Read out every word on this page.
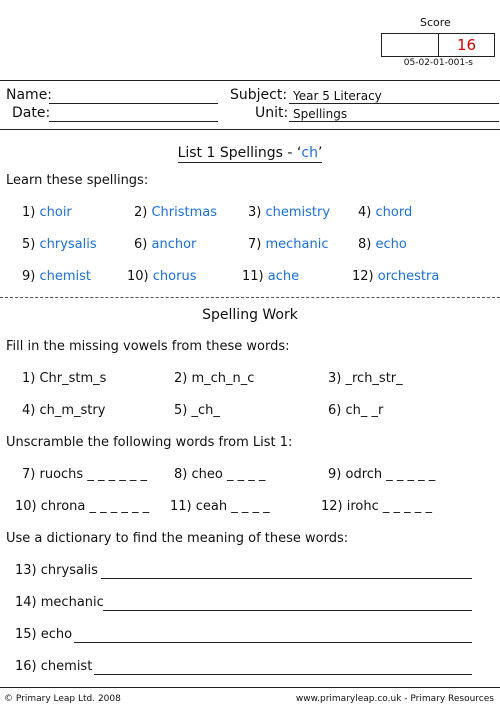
Score
16
05-02-01-001-s
Name:	Subject: Year 5 Literacy
Date:	Unit: Spellings
List 1 Spellings - ‘ch’
Learn these spellings:
1) choir	2) Christmas 3) chemistry 4) chord
5) chrysalis	6) anchor	7) mechanic 8) echo
9) chemist	10) chorus	11) ache	12) orchestra
Spelling Work
Fill in the missing vowels from these words:
1) Chr_stm_s	2) m_ch_n_c	3) _rch_str_
4) ch_m_stry	5) _ch_	6) ch_ _r
Unscramble the following words from List 1:
7) ruochs _ _ _ _ _ _ 8) cheo _ _ _ _	9) odrch _ _ _ _ _
10) chrona _ _ _ _ _ _ 11) ceah _ _ _ _	12) irohc _ _ _ _ _
Use a dictionary to find the meaning of these words:
13) chrysalis
14) mechanic
15) echo
16) chemist
© Primary Leap Ltd. 2008	www.primaryleap.co.uk - Primary Resources
